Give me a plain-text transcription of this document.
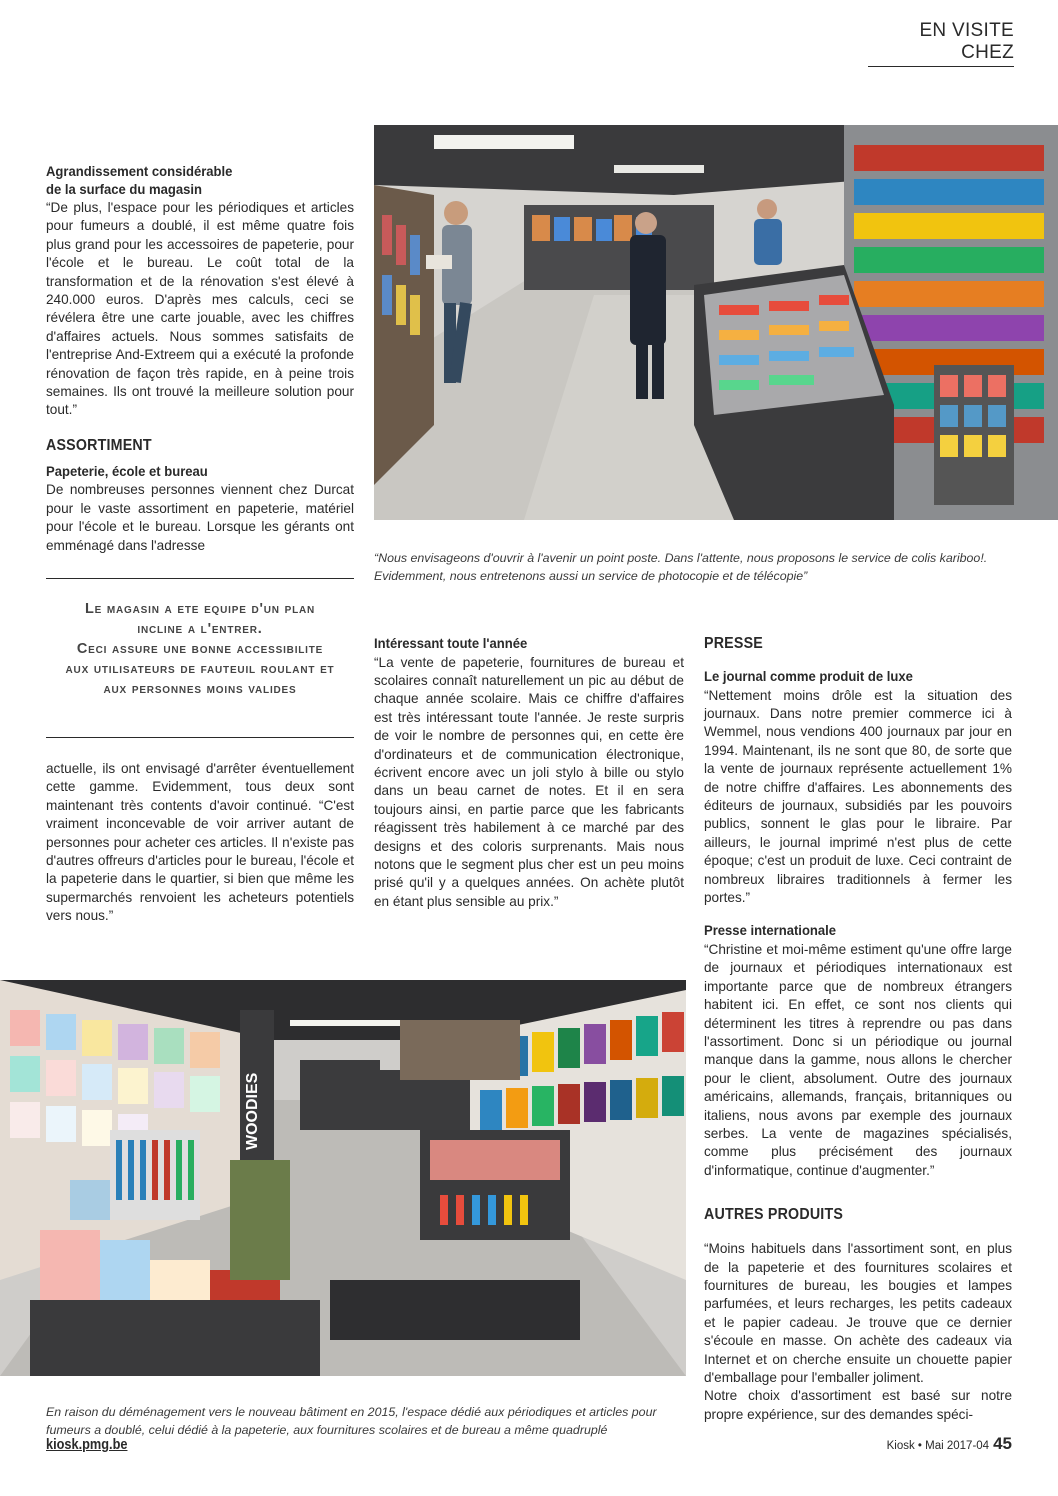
EN VISITE CHEZ
Agrandissement considérable
de la surface du magasin

“De plus, l'espace pour les périodiques et articles pour fumeurs a doublé, il est même quatre fois plus grand pour les accessoires de papeterie, pour l'école et le bureau. Le coût total de la transformation et de la rénovation s'est élevé à 240.000 euros. D'après mes calculs, ceci se révélera être une carte jouable, avec les chiffres d'affaires actuels. Nous sommes satisfaits de l'entreprise And-Extreem qui a exécuté la profonde rénovation de façon très rapide, en à peine trois semaines. Ils ont trouvé la meilleure solution pour tout.”

ASSORTIMENT
Papeterie, école et bureau

De nombreuses personnes viennent chez Durcat pour le vaste assortiment en papeterie, matériel pour l'école et le bureau. Lorsque les gérants ont emménagé dans l'adresse

Le magasin a ete equipe d'un plan
incline a l'entrer.
Ceci assure une bonne accessibilite
aux utilisateurs de fauteuil roulant et
aux personnes moins valides

actuelle, ils ont envisagé d'arrêter éventuellement cette gamme. Evidemment, tous deux sont maintenant très contents d'avoir continué. “C'est vraiment inconcevable de voir arriver autant de personnes pour acheter ces articles. Il n'existe pas d'autres offreurs d'articles pour le bureau, l'école et la papeterie dans le quartier, si bien que même les supermarchés renvoient les acheteurs potentiels vers nous.”

“Nous envisageons d'ouvrir à l'avenir un point poste. Dans l'attente, nous proposons le service de colis kariboo!. Evidemment, nous entretenons aussi un service de photocopie et de télécopie”
Intéressant toute l'année

“La vente de papeterie, fournitures de bureau et scolaires connaît naturellement un pic au début de chaque année scolaire. Mais ce chiffre d'affaires est très intéressant toute l'année. Je reste surpris de voir le nombre de personnes qui, en cette ère d'ordinateurs et de communication électronique, écrivent encore avec un joli stylo à bille ou stylo dans un beau carnet de notes. Et il en sera toujours ainsi, en partie parce que les fabricants réagissent très habilement à ce marché par des designs et des coloris surprenants. Mais nous notons que le segment plus cher est un peu moins prisé qu'il y a quelques années. On achète plutôt en étant plus sensible au prix.”

PRESSE
Le journal comme produit de luxe

“Nettement moins drôle est la situation des journaux. Dans notre premier commerce ici à Wemmel, nous vendions 400 journaux par jour en 1994. Maintenant, ils ne sont que 80, de sorte que la vente de journaux représente actuellement 1% de notre chiffre d'affaires. Les abonnements des éditeurs de journaux, subsidiés par les pouvoirs publics, sonnent le glas pour le libraire. Par ailleurs, le journal imprimé n'est plus de cette époque; c'est un produit de luxe. Ceci contraint de nombreux libraires traditionnels à fermer les portes.”

Presse internationale

“Christine et moi-même estiment qu'une offre large de journaux et périodiques internationaux est importante parce que de nombreux étrangers habitent ici. En effet, ce sont nos clients qui déterminent les titres à reprendre ou pas dans l'assortiment. Donc si un périodique ou journal manque dans la gamme, nous allons le chercher pour le client, absolument. Outre des journaux américains, allemands, français, britanniques ou italiens, nous avons par exemple des journaux serbes. La vente de magazines spécialisés, comme plus précisément des journaux d'informatique, continue d'augmenter.”

AUTRES PRODUITS

“Moins habituels dans l'assortiment sont, en plus de la papeterie et des fournitures scolaires et fournitures de bureau, les bougies et lampes parfumées, et leurs recharges, les petits cadeaux et le papier cadeau. Je trouve que ce dernier s'écoule en masse. On achète des cadeaux via Internet et on cherche ensuite un chouette papier d'emballage pour l'emballer joliment.

Notre choix d'assortiment est basé sur notre propre expérience, sur des demandes spéci-

WOODIES
En raison du déménagement vers le nouveau bâtiment en 2015, l'espace dédié aux périodiques et articles pour fumeurs a doublé, celui dédié à la papeterie, aux fournitures scolaires et de bureau a même quadruplé
kiosk.pmg.be	Kiosk • Mai 2017-04 45
